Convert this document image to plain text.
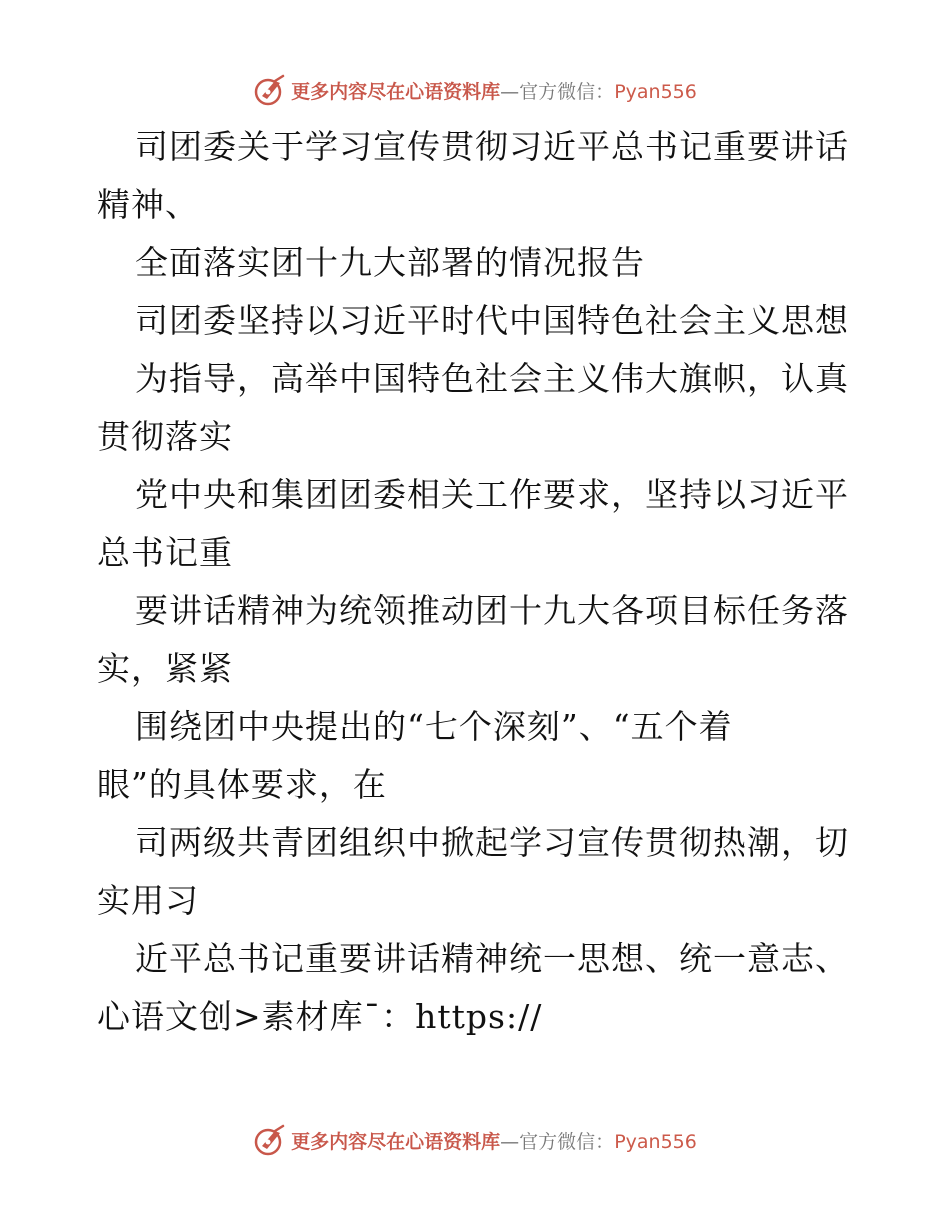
更多内容尽在心语资料库—官方微信：Pyan556
司团委关于学习宣传贯彻习近平总书记重要讲话
精神、
全面落实团十九大部署的情况报告
司团委坚持以习近平时代中国特色社会主义思想
为指导，高举中国特色社会主义伟大旗帜，认真
贯彻落实
党中央和集团团委相关工作要求，坚持以习近平
总书记重
要讲话精神为统领推动团十九大各项目标任务落
实，紧紧
围绕团中央提出的“七个深刻”、“五个着
眼”的具体要求，在
司两级共青团组织中掀起学习宣传贯彻热潮，切
实用习
近平总书记重要讲话精神统一思想、统一意志、
心语文创>素材库¯：https://
更多内容尽在心语资料库—官方微信：Pyan556
